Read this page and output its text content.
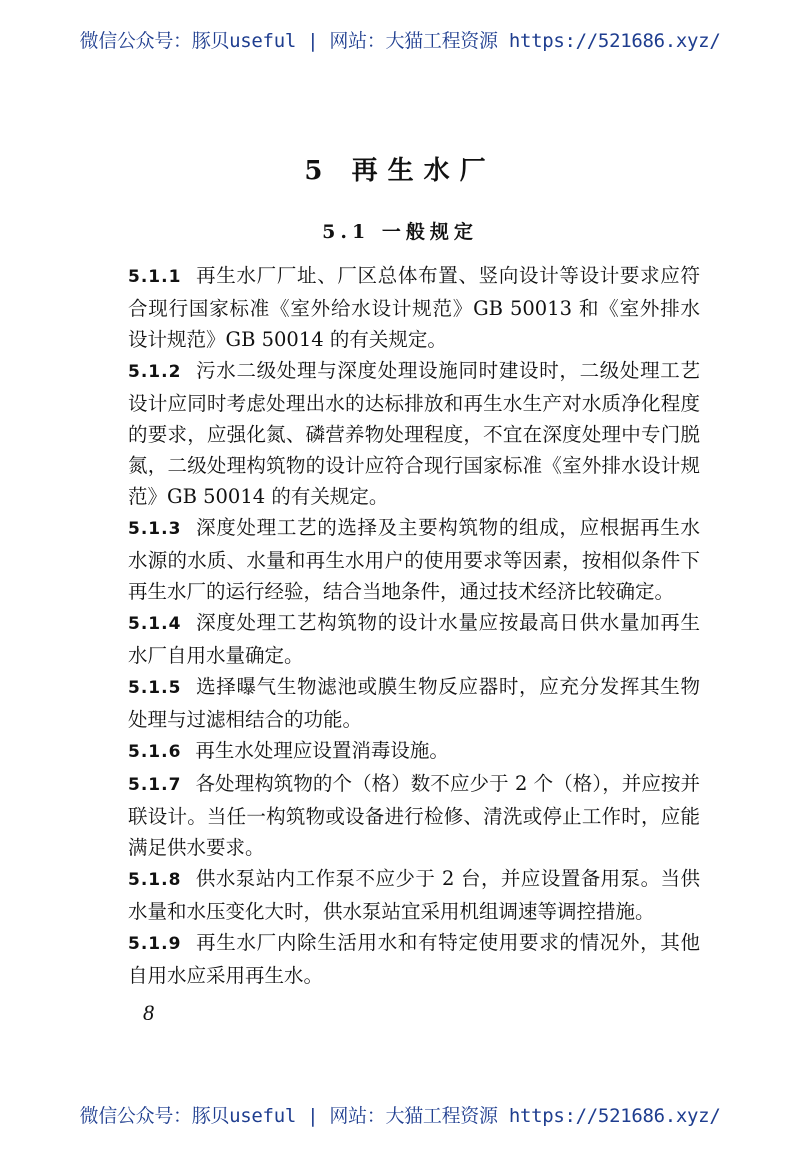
微信公众号：豚贝useful | 网站：大猫工程资源 https://521686.xyz/
5 再生水厂
5.1 一般规定
5.1.1 再生水厂厂址、厂区总体布置、竖向设计等设计要求应符合现行国家标准《室外给水设计规范》GB 50013 和《室外排水设计规范》GB 50014 的有关规定。
5.1.2 污水二级处理与深度处理设施同时建设时，二级处理工艺设计应同时考虑处理出水的达标排放和再生水生产对水质净化程度的要求，应强化氮、磷营养物处理程度，不宜在深度处理中专门脱氮，二级处理构筑物的设计应符合现行国家标准《室外排水设计规范》GB 50014 的有关规定。
5.1.3 深度处理工艺的选择及主要构筑物的组成，应根据再生水水源的水质、水量和再生水用户的使用要求等因素，按相似条件下再生水厂的运行经验，结合当地条件，通过技术经济比较确定。
5.1.4 深度处理工艺构筑物的设计水量应按最高日供水量加再生水厂自用水量确定。
5.1.5 选择曝气生物滤池或膜生物反应器时，应充分发挥其生物处理与过滤相结合的功能。
5.1.6 再生水处理应设置消毒设施。
5.1.7 各处理构筑物的个（格）数不应少于 2 个（格），并应按并联设计。当任一构筑物或设备进行检修、清洗或停止工作时，应能满足供水要求。
5.1.8 供水泵站内工作泵不应少于 2 台，并应设置备用泵。当供水量和水压变化大时，供水泵站宜采用机组调速等调控措施。
5.1.9 再生水厂内除生活用水和有特定使用要求的情况外，其他自用水应采用再生水。
8
微信公众号：豚贝useful | 网站：大猫工程资源 https://521686.xyz/
